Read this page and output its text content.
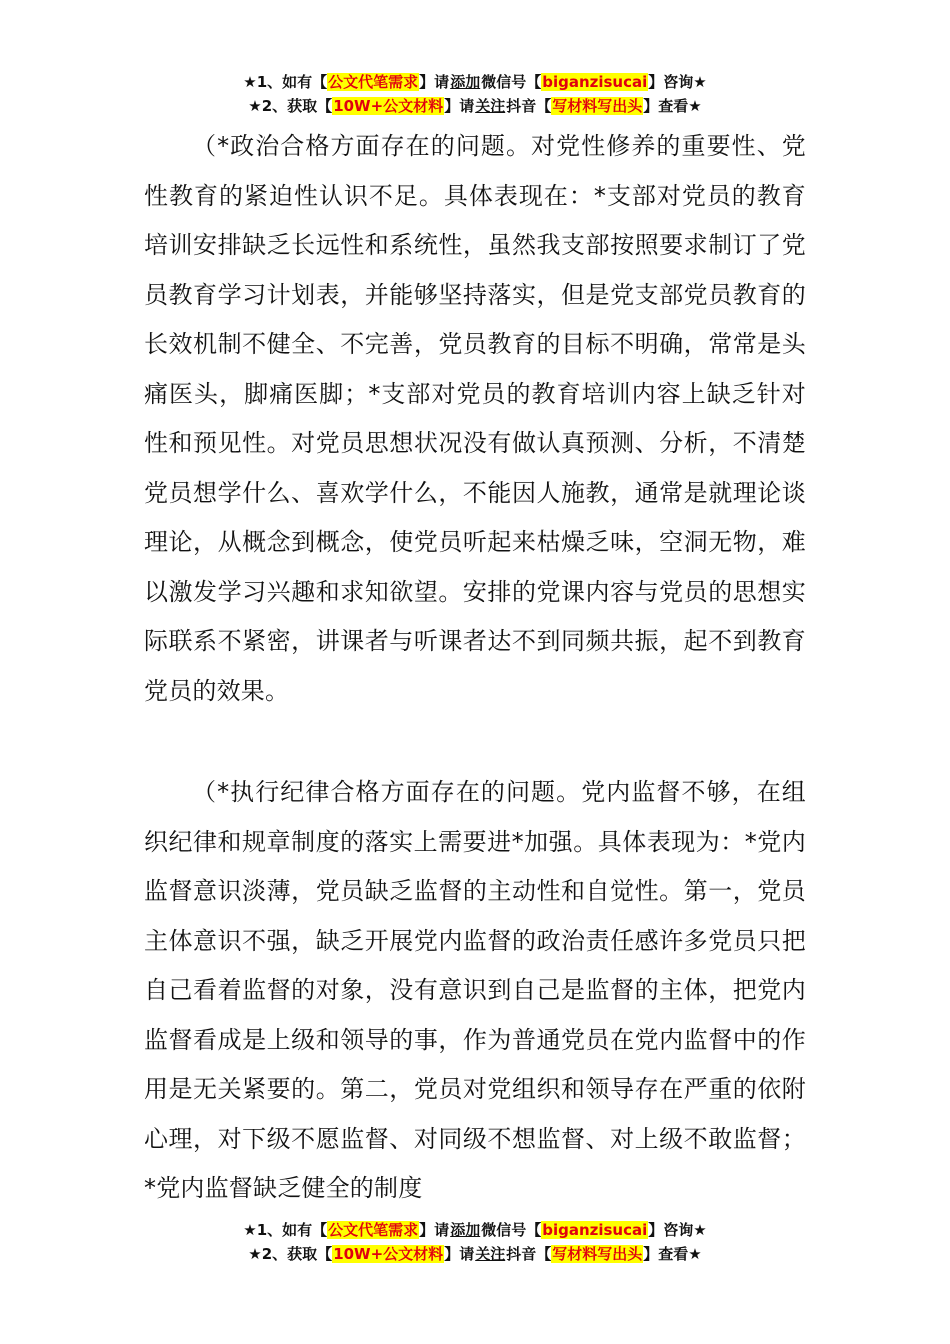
★1、如有【公文代笔需求】请添加微信号【biganzisucai】咨询★
★2、获取【10W+公文材料】请关注抖音【写材料写出头】查看★

（*政治合格方面存在的问题。对党性修养的重要性、党性教育的紧迫性认识不足。具体表现在：*支部对党员的教育培训安排缺乏长远性和系统性，虽然我支部按照要求制订了党员教育学习计划表，并能够坚持落实，但是党支部党员教育的长效机制不健全、不完善，党员教育的目标不明确，常常是头痛医头，脚痛医脚；*支部对党员的教育培训内容上缺乏针对性和预见性。对党员思想状况没有做认真预测、分析，不清楚党员想学什么、喜欢学什么，不能因人施教，通常是就理论谈理论，从概念到概念，使党员听起来枯燥乏味，空洞无物，难以激发学习兴趣和求知欲望。安排的党课内容与党员的思想实际联系不紧密，讲课者与听课者达不到同频共振，起不到教育党员的效果。

（*执行纪律合格方面存在的问题。党内监督不够，在组织纪律和规章制度的落实上需要进*加强。具体表现为：*党内监督意识淡薄，党员缺乏监督的主动性和自觉性。第一，党员主体意识不强，缺乏开展党内监督的政治责任感许多党员只把自己看着监督的对象，没有意识到自己是监督的主体，把党内监督看成是上级和领导的事，作为普通党员在党内监督中的作用是无关紧要的。第二，党员对党组织和领导存在严重的依附心理，对下级不愿监督、对同级不想监督、对上级不敢监督；*党内监督缺乏健全的制度

★1、如有【公文代笔需求】请添加微信号【biganzisucai】咨询★
★2、获取【10W+公文材料】请关注抖音【写材料写出头】查看★
